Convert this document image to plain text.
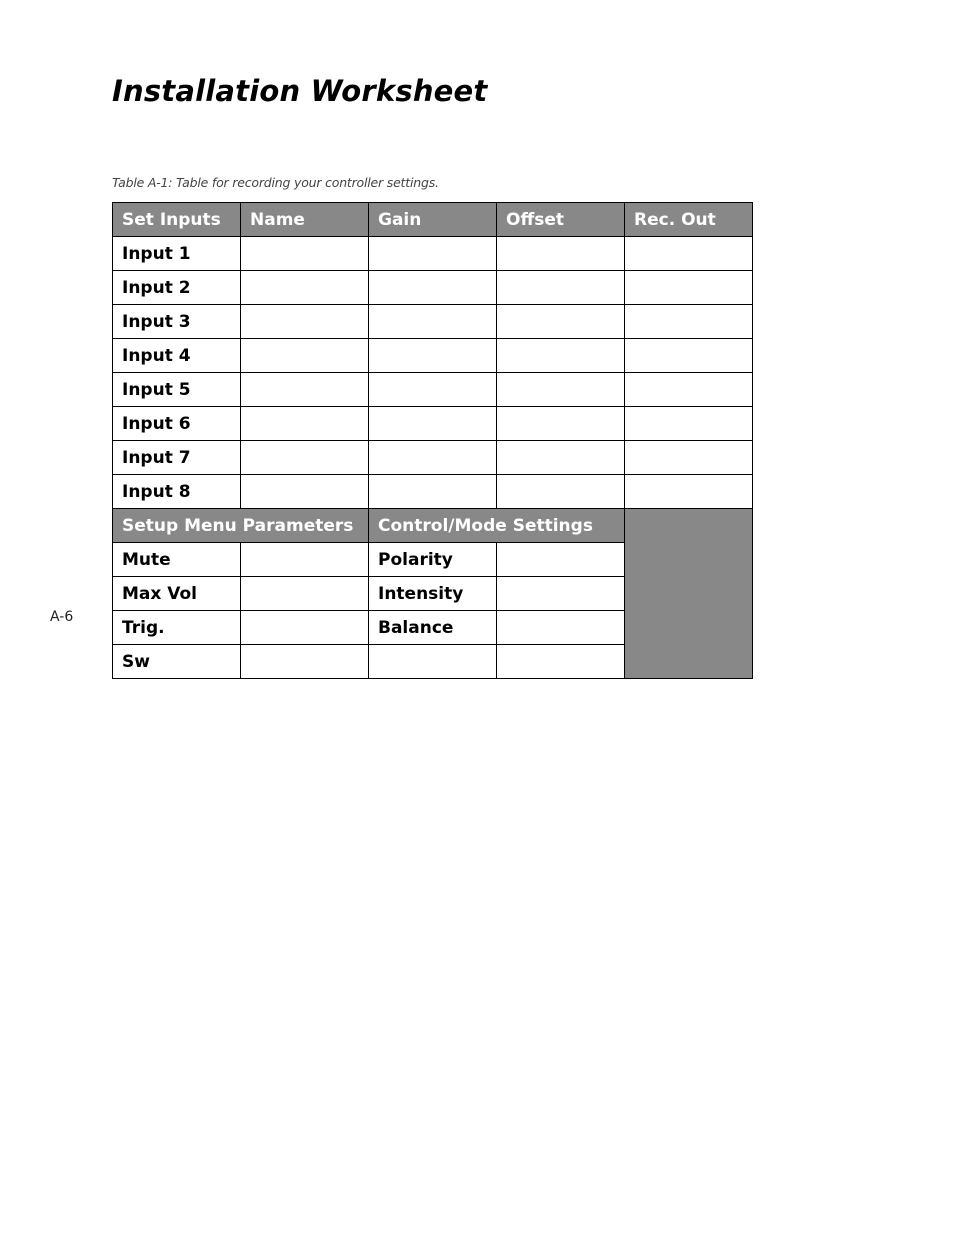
Installation Worksheet

Table A-1: Table for recording your controller settings.

A-6
Set Inputs	Name	Gain	Offset	Rec. Out
Input 1				
Input 2				
Input 3				
Input 4				
Input 5				
Input 6				
Input 7				
Input 8				
Setup Menu Parameters		Control/Mode Settings		
Mute		Polarity		
Max Vol		Intensity		
Trig.		Balance		
Sw				
